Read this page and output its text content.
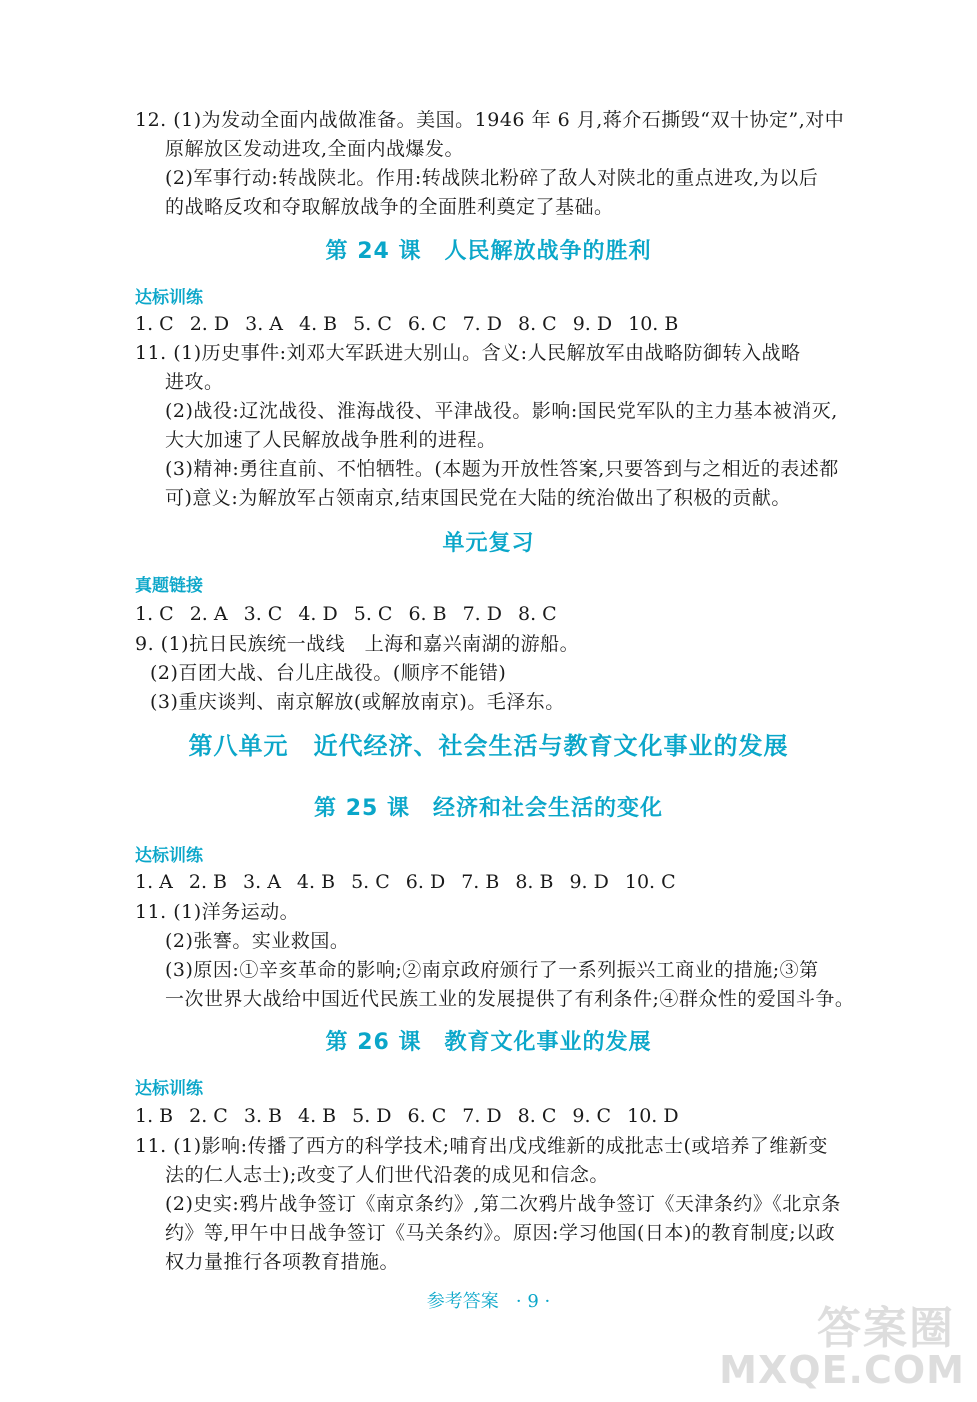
12. (1)为发动全面内战做准备。美国。1946 年 6 月,蒋介石撕毁“双十协定”,对中
原解放区发动进攻,全面内战爆发。
(2)军事行动:转战陕北。作用:转战陕北粉碎了敌人对陕北的重点进攻,为以后
的战略反攻和夺取解放战争的全面胜利奠定了基础。
第 24 课　人民解放战争的胜利
达标训练
1. C 2. D 3. A 4. B 5. C 6. C 7. D 8. C 9. D 10. B
11. (1)历史事件:刘邓大军跃进大别山。含义:人民解放军由战略防御转入战略
进攻。
(2)战役:辽沈战役、淮海战役、平津战役。影响:国民党军队的主力基本被消灭,
大大加速了人民解放战争胜利的进程。
(3)精神:勇往直前、不怕牺牲。(本题为开放性答案,只要答到与之相近的表述都
可)意义:为解放军占领南京,结束国民党在大陆的统治做出了积极的贡献。
单元复习
真题链接
1. C 2. A 3. C 4. D 5. C 6. B 7. D 8. C
9. (1)抗日民族统一战线　上海和嘉兴南湖的游船。
(2)百团大战、台儿庄战役。(顺序不能错)
(3)重庆谈判、南京解放(或解放南京)。毛泽东。
第八单元　近代经济、社会生活与教育文化事业的发展
第 25 课　经济和社会生活的变化
达标训练
1. A 2. B 3. A 4. B 5. C 6. D 7. B 8. B 9. D 10. C
11. (1)洋务运动。
(2)张謇。实业救国。
(3)原因:①辛亥革命的影响;②南京政府颁行了一系列振兴工商业的措施;③第
一次世界大战给中国近代民族工业的发展提供了有利条件;④群众性的爱国斗争。
第 26 课　教育文化事业的发展
达标训练
1. B 2. C 3. B 4. B 5. D 6. C 7. D 8. C 9. C 10. D
11. (1)影响:传播了西方的科学技术;哺育出戊戌维新的成批志士(或培养了维新变
法的仁人志士);改变了人们世代沿袭的成见和信念。
(2)史实:鸦片战争签订《南京条约》,第二次鸦片战争签订《天津条约》《北京条
约》等,甲午中日战争签订《马关条约》。原因:学习他国(日本)的教育制度;以政
权力量推行各项教育措施。
参考答案 · 9 ·
答案圈
MXQE.COM
